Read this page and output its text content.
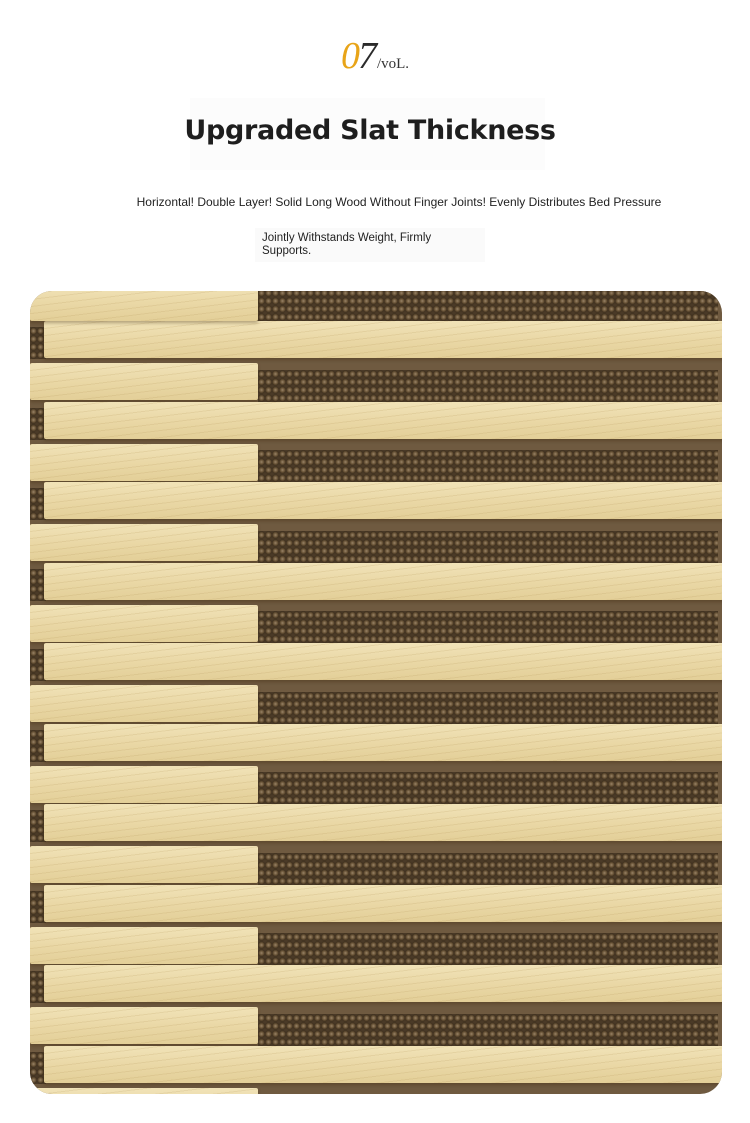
07 /voL.
Upgraded Slat Thickness
Horizontal! Double Layer! Solid Long Wood Without Finger Joints! Evenly Distributes Bed Pressure
Jointly Withstands Weight, Firmly Supports.
